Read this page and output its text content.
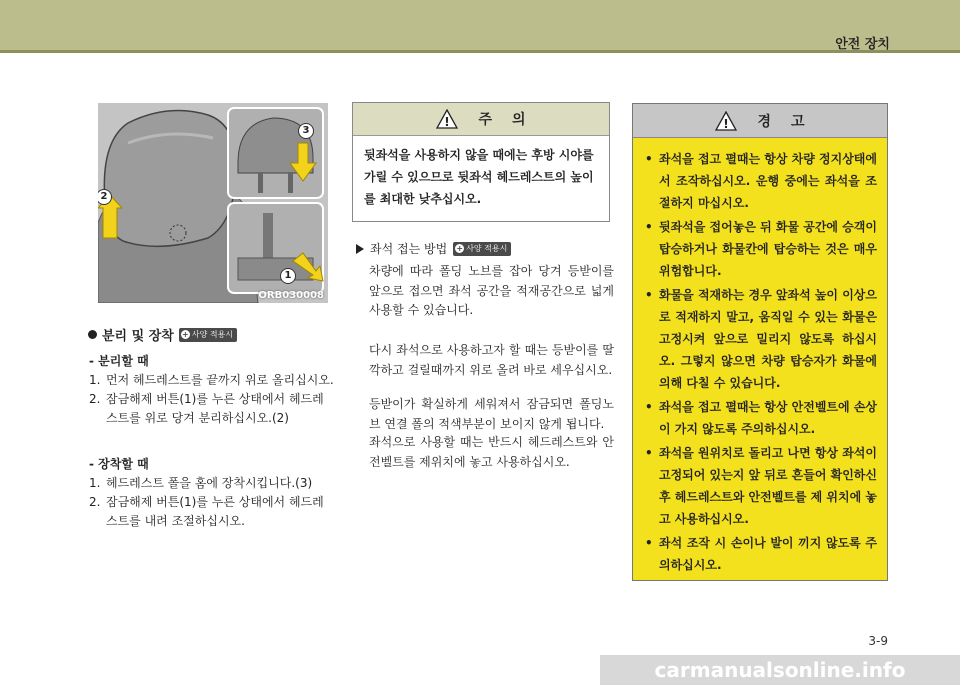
안전 장치
3
2
1
ORB030008
분리 및 장착 + 사양 적용시
- 분리할 때
1. 먼저 헤드레스트를 끝까지 위로 올리십시오.
2. 잠금해제 버튼(1)를 누른 상태에서 헤드레
스트를 위로 당겨 분리하십시오.(2)
- 장착할 때
1. 헤드레스트 폴을 홈에 장착시킵니다.(3)
2. 잠금해제 버튼(1)를 누른 상태에서 헤드레
스트를 내려 조절하십시오.
! 주 의
뒷좌석을 사용하지 않을 때에는 후방 시야를
가릴 수 있으므로 뒷좌석 헤드레스트의 높이
를 최대한 낮추십시오.
좌석 접는 방법 + 사양 적용시
차량에 따라 폴딩 노브를 잡아 당겨 등받이를 앞으로 접으면 좌석 공간을 적재공간으로 넓게 사용할 수 있습니다.
다시 좌석으로 사용하고자 할 때는 등받이를 딸깍하고 걸릴때까지 위로 올려 바로 세우십시오.
등받이가 확실하게 세워져서 잠금되면 폴딩노브 연결 폴의 적색부분이 보이지 않게 됩니다.
좌석으로 사용할 때는 반드시 헤드레스트와 안전벨트를 제위치에 놓고 사용하십시오.
! 경 고
• 좌석을 접고 펼때는 항상 차량 정지상태에서 조작하십시오. 운행 중에는 좌석을 조절하지 마십시오.
• 뒷좌석을 접어놓은 뒤 화물 공간에 승객이 탑승하거나 화물칸에 탑승하는 것은 매우 위험합니다.
• 화물을 적재하는 경우 앞좌석 높이 이상으로 적재하지 말고, 움직일 수 있는 화물은 고정시켜 앞으로 밀리지 않도록 하십시오. 그렇지 않으면 차량 탑승자가 화물에 의해 다칠 수 있습니다.
• 좌석을 접고 펼때는 항상 안전벨트에 손상이 가지 않도록 주의하십시오.
• 좌석을 원위치로 돌리고 나면 항상 좌석이 고정되어 있는지 앞 뒤로 흔들어 확인하신 후 헤드레스트와 안전벨트를 제 위치에 놓고 사용하십시오.
• 좌석 조작 시 손이나 발이 끼지 않도록 주의하십시오.
3-9
carmanualsonline.info
